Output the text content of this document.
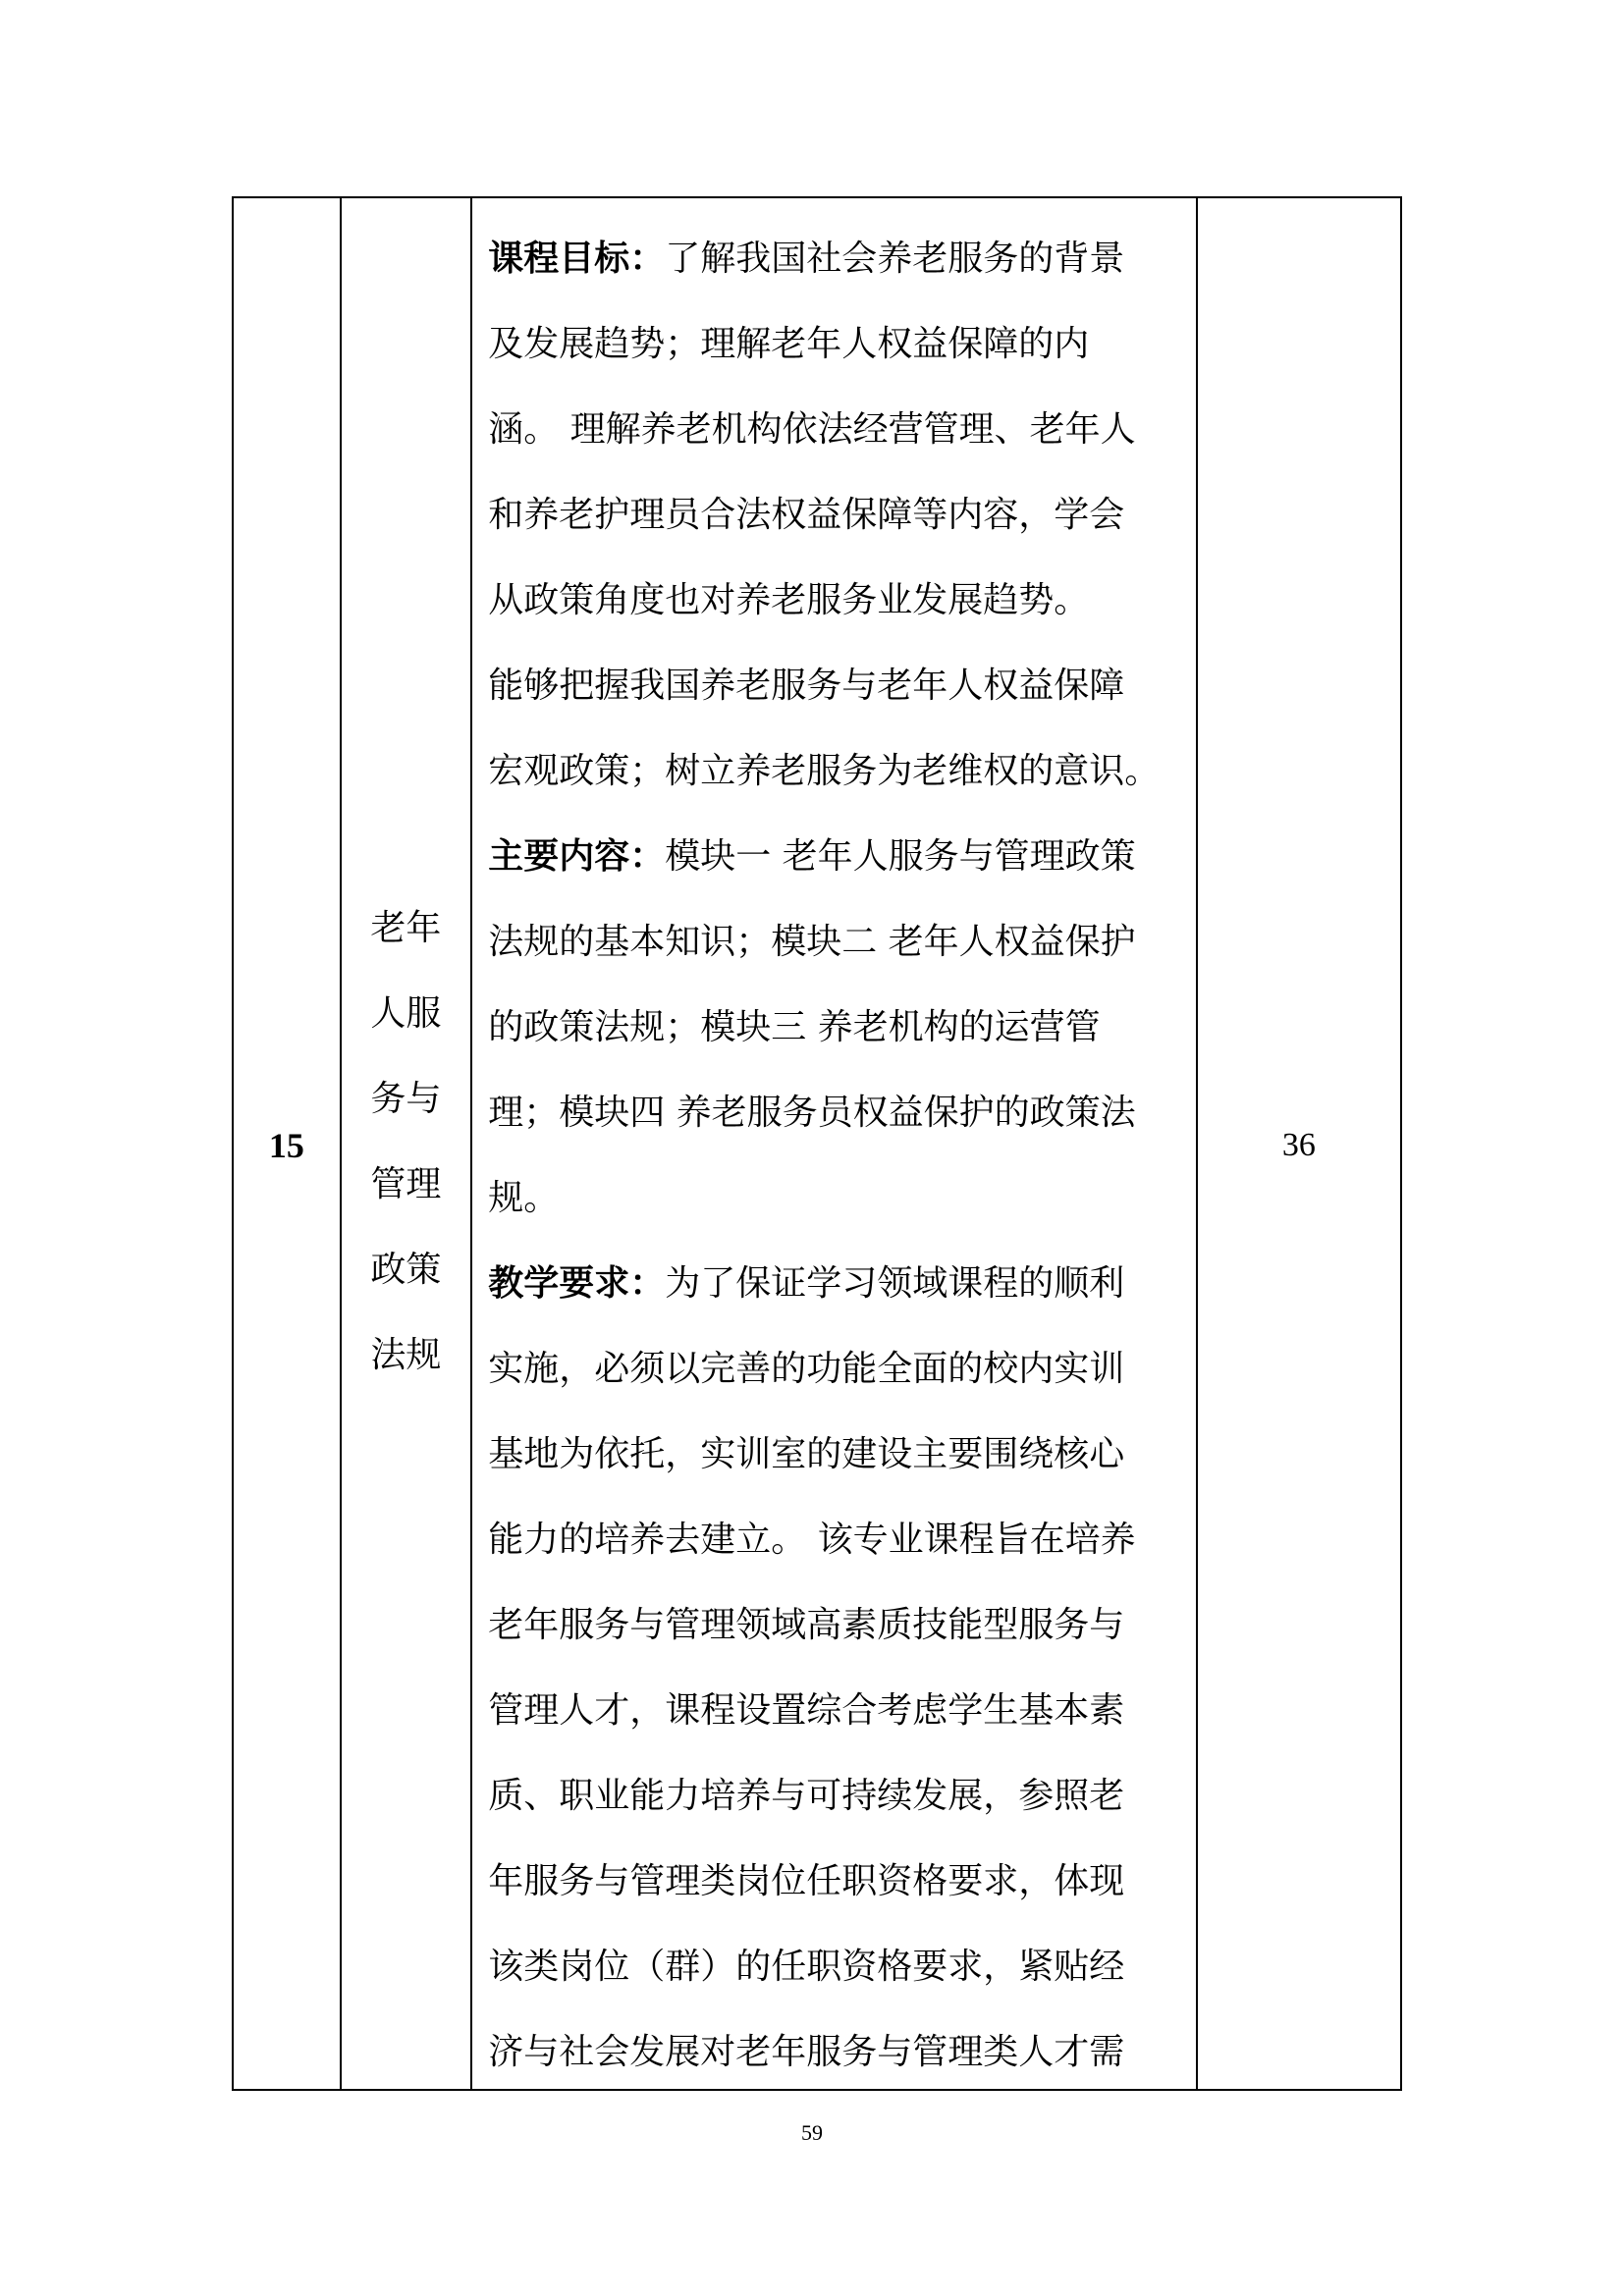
15
老年
人服
务与
管理
政策
法规
课程目标：了解我国社会养老服务的背景
及发展趋势；理解老年人权益保障的内
涵。 理解养老机构依法经营管理、老年人
和养老护理员合法权益保障等内容，学会
从政策角度也对养老服务业发展趋势。
能够把握我国养老服务与老年人权益保障
宏观政策；树立养老服务为老维权的意识。
主要内容：模块一 老年人服务与管理政策
法规的基本知识；模块二 老年人权益保护
的政策法规；模块三 养老机构的运营管
理；模块四 养老服务员权益保护的政策法
规。
教学要求：为了保证学习领域课程的顺利
实施，必须以完善的功能全面的校内实训
基地为依托，实训室的建设主要围绕核心
能力的培养去建立。 该专业课程旨在培养
老年服务与管理领域高素质技能型服务与
管理人才，课程设置综合考虑学生基本素
质、职业能力培养与可持续发展，参照老
年服务与管理类岗位任职资格要求，体现
该类岗位（群）的任职资格要求，紧贴经
济与社会发展对老年服务与管理类人才需
36
59
